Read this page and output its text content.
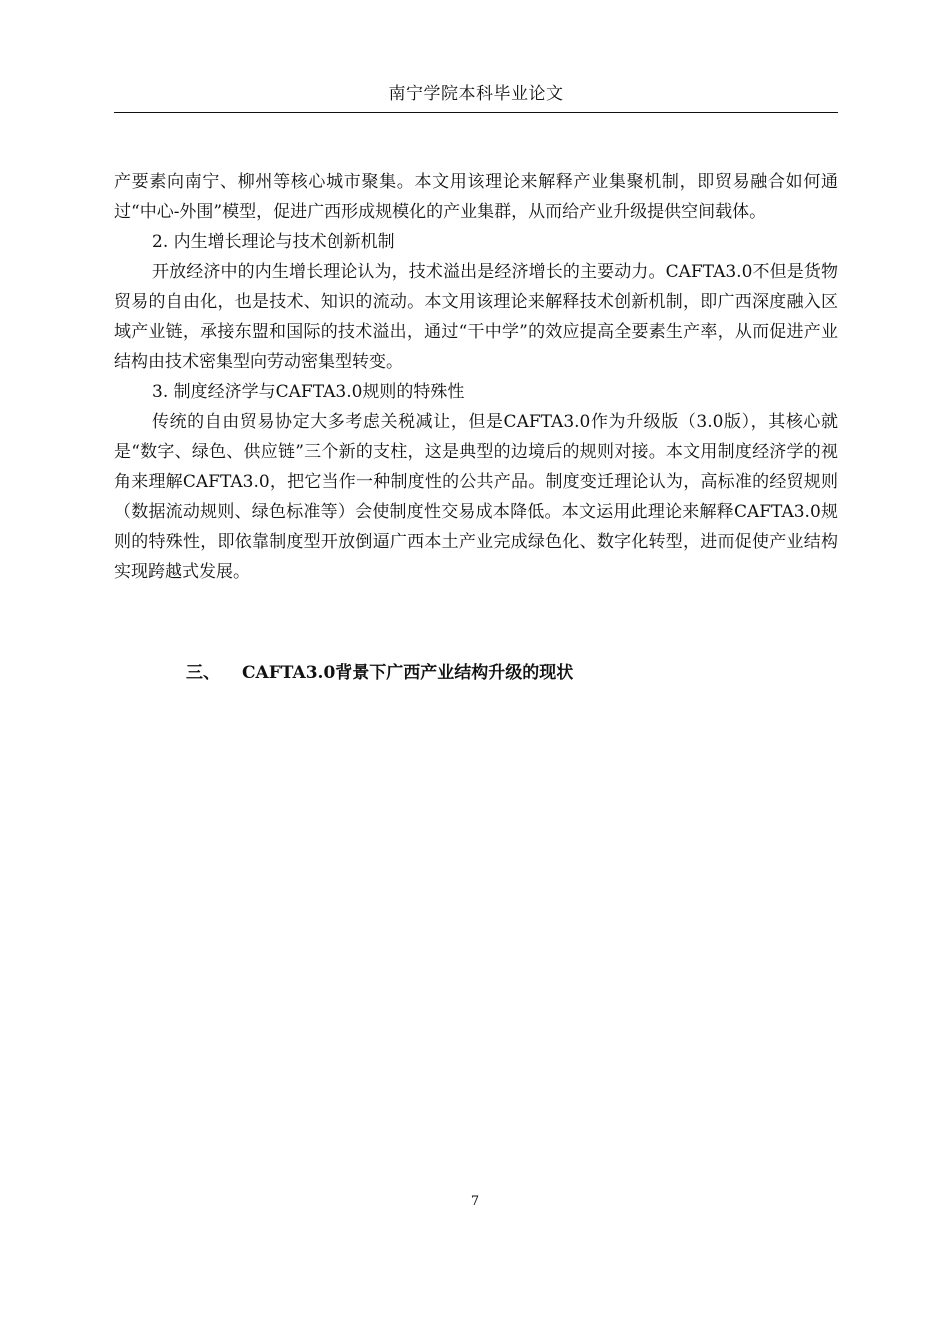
南宁学院本科毕业论文

产要素向南宁、柳州等核心城市聚集。本文用该理论来解释产业集聚机制，即贸易融合如何通过“中心-外围”模型，促进广西形成规模化的产业集群，从而给产业升级提供空间载体。

2. 内生增长理论与技术创新机制

开放经济中的内生增长理论认为，技术溢出是经济增长的主要动力。CAFTA3.0不但是货物贸易的自由化，也是技术、知识的流动。本文用该理论来解释技术创新机制，即广西深度融入区域产业链，承接东盟和国际的技术溢出，通过“干中学”的效应提高全要素生产率，从而促进产业结构由技术密集型向劳动密集型转变。

3. 制度经济学与CAFTA3.0规则的特殊性

传统的自由贸易协定大多考虑关税减让，但是CAFTA3.0作为升级版（3.0版），其核心就是“数字、绿色、供应链”三个新的支柱，这是典型的边境后的规则对接。本文用制度经济学的视角来理解CAFTA3.0，把它当作一种制度性的公共产品。制度变迁理论认为，高标准的经贸规则（数据流动规则、绿色标准等）会使制度性交易成本降低。本文运用此理论来解释CAFTA3.0规则的特殊性，即依靠制度型开放倒逼广西本土产业完成绿色化、数字化转型，进而促使产业结构实现跨越式发展。

三、 CAFTA3.0背景下广西产业结构升级的现状
7
